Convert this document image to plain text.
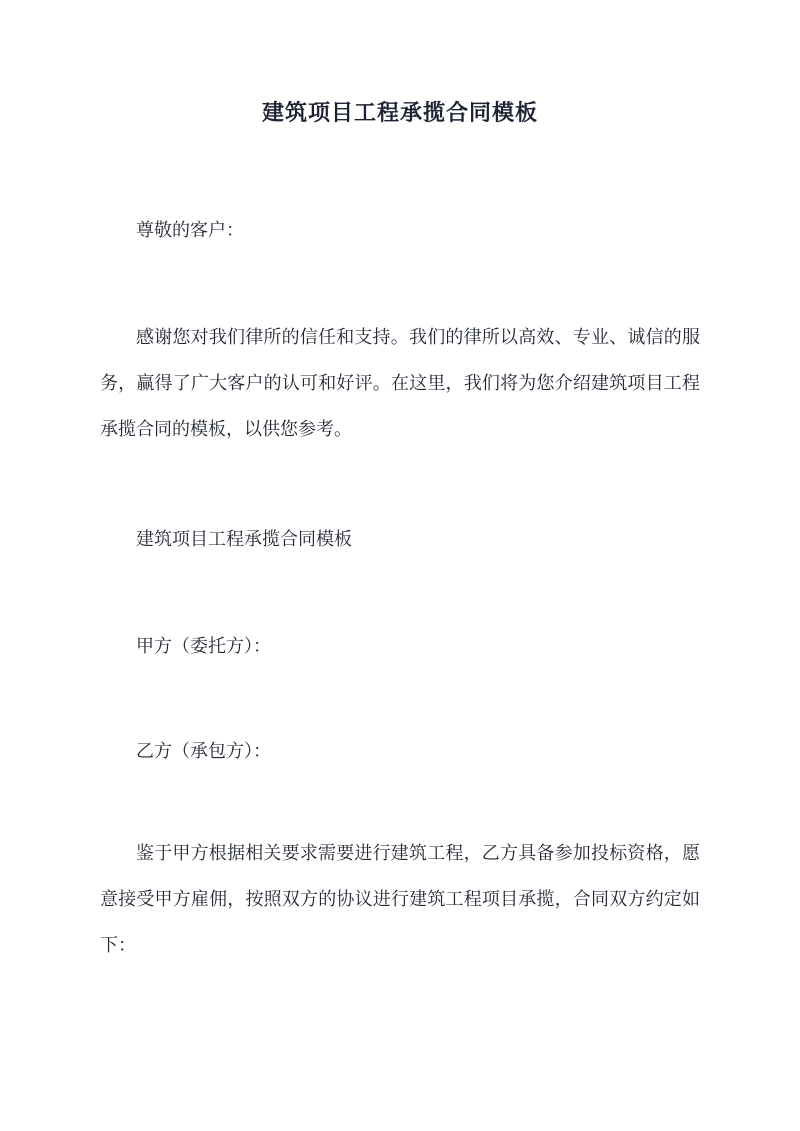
建筑项目工程承揽合同模板
尊敬的客户：
感谢您对我们律所的信任和支持。我们的律所以高效、专业、诚信的服务，赢得了广大客户的认可和好评。在这里，我们将为您介绍建筑项目工程承揽合同的模板，以供您参考。
建筑项目工程承揽合同模板
甲方（委托方）：
乙方（承包方）：
鉴于甲方根据相关要求需要进行建筑工程，乙方具备参加投标资格，愿意接受甲方雇佣，按照双方的协议进行建筑工程项目承揽，合同双方约定如下：
